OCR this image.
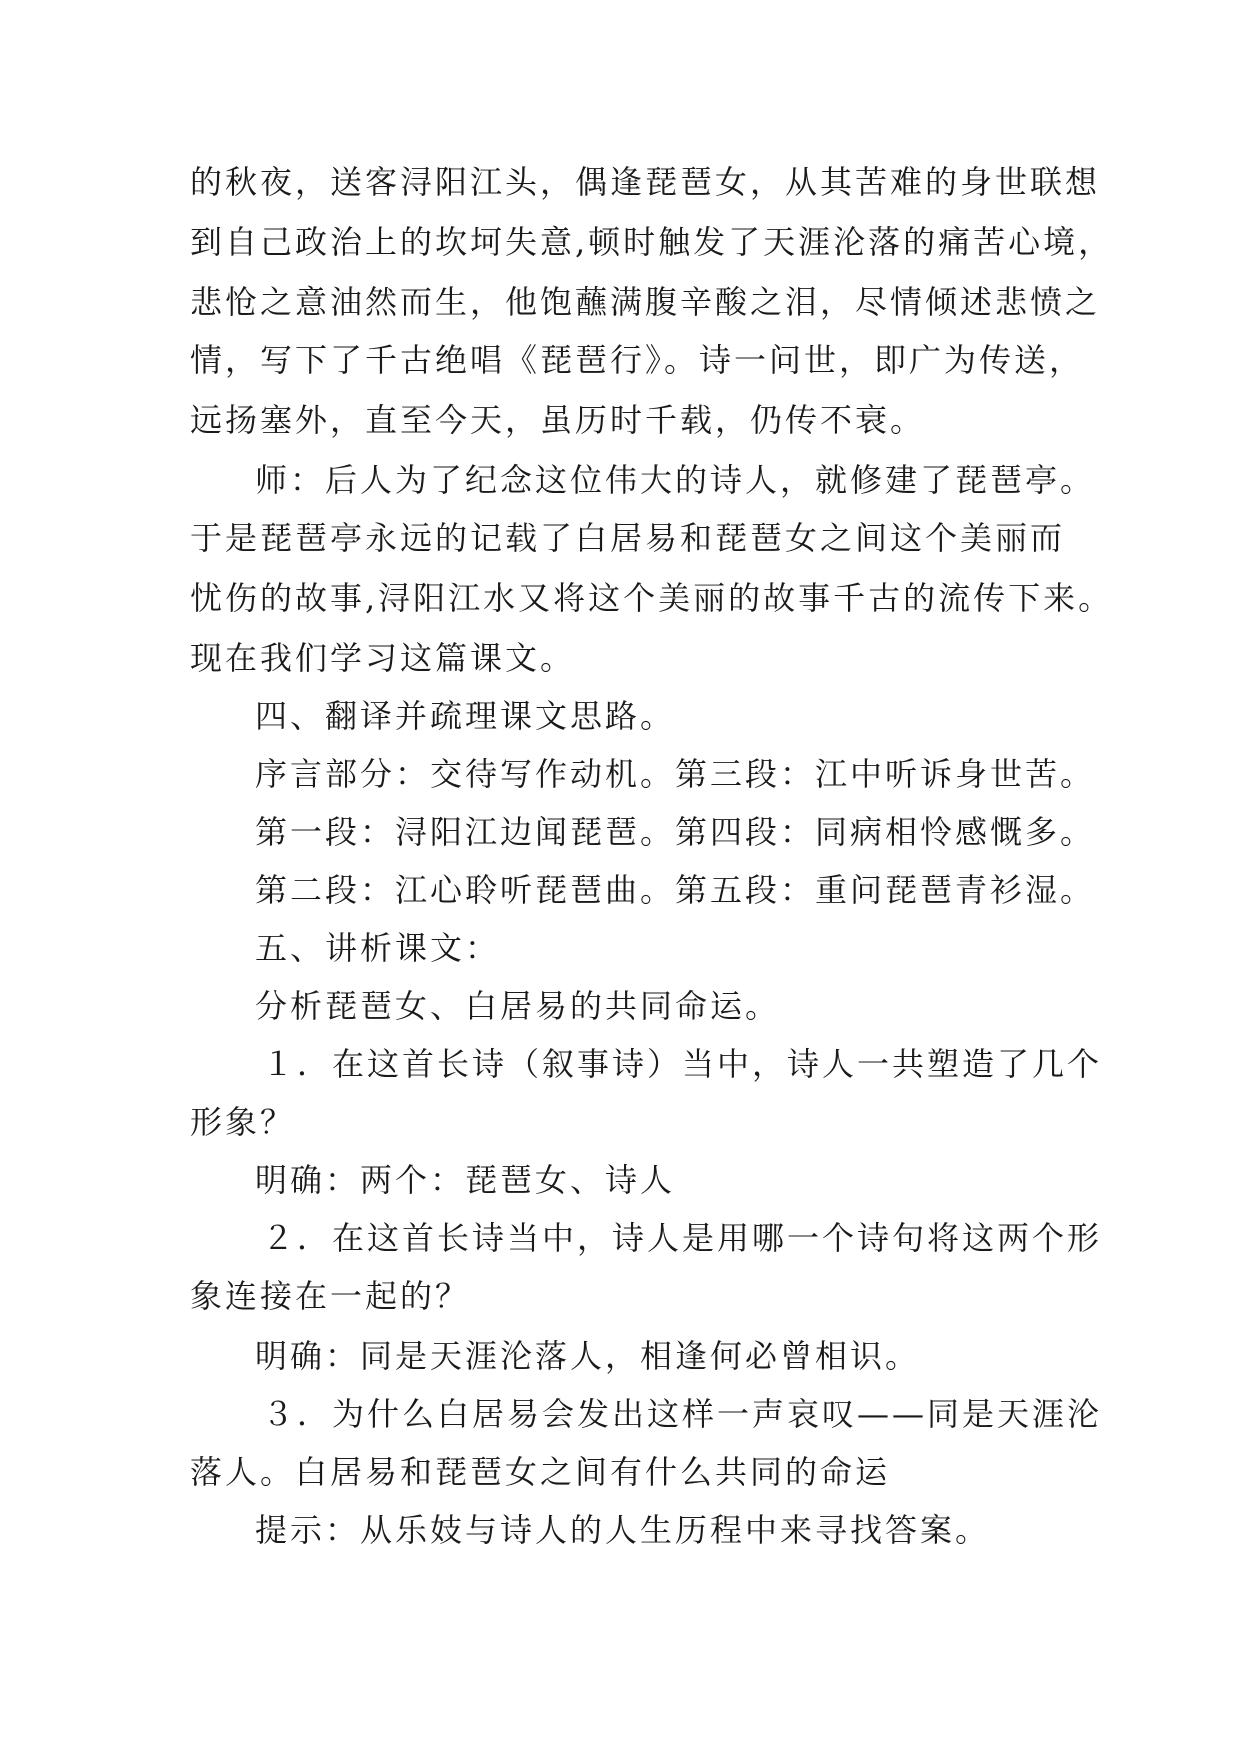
的秋夜，送客浔阳江头，偶逢琵琶女，从其苦难的身世联想
到自己政治上的坎坷失意,顿时触发了天涯沦落的痛苦心境，
悲怆之意油然而生，他饱蘸满腹辛酸之泪，尽情倾述悲愤之
情，写下了千古绝唱《琵琶行》。诗一问世，即广为传送，
远扬塞外，直至今天，虽历时千载，仍传不衰。
师：后人为了纪念这位伟大的诗人，就修建了琵琶亭。
于是琵琶亭永远的记载了白居易和琵琶女之间这个美丽而
忧伤的故事,浔阳江水又将这个美丽的故事千古的流传下来。
现在我们学习这篇课文。
四、翻译并疏理课文思路。
序言部分：交待写作动机。第三段：江中听诉身世苦。
第一段：浔阳江边闻琵琶。第四段：同病相怜感慨多。
第二段：江心聆听琵琶曲。第五段：重问琵琶青衫湿。
五、讲析课文：
分析琵琶女、白居易的共同命运。
１．在这首长诗（叙事诗）当中，诗人一共塑造了几个
形象？
明确：两个：琵琶女、诗人
２．在这首长诗当中，诗人是用哪一个诗句将这两个形
象连接在一起的？
明确：同是天涯沦落人，相逢何必曾相识。
３．为什么白居易会发出这样一声哀叹——同是天涯沦
落人。白居易和琵琶女之间有什么共同的命运
提示：从乐妓与诗人的人生历程中来寻找答案。
